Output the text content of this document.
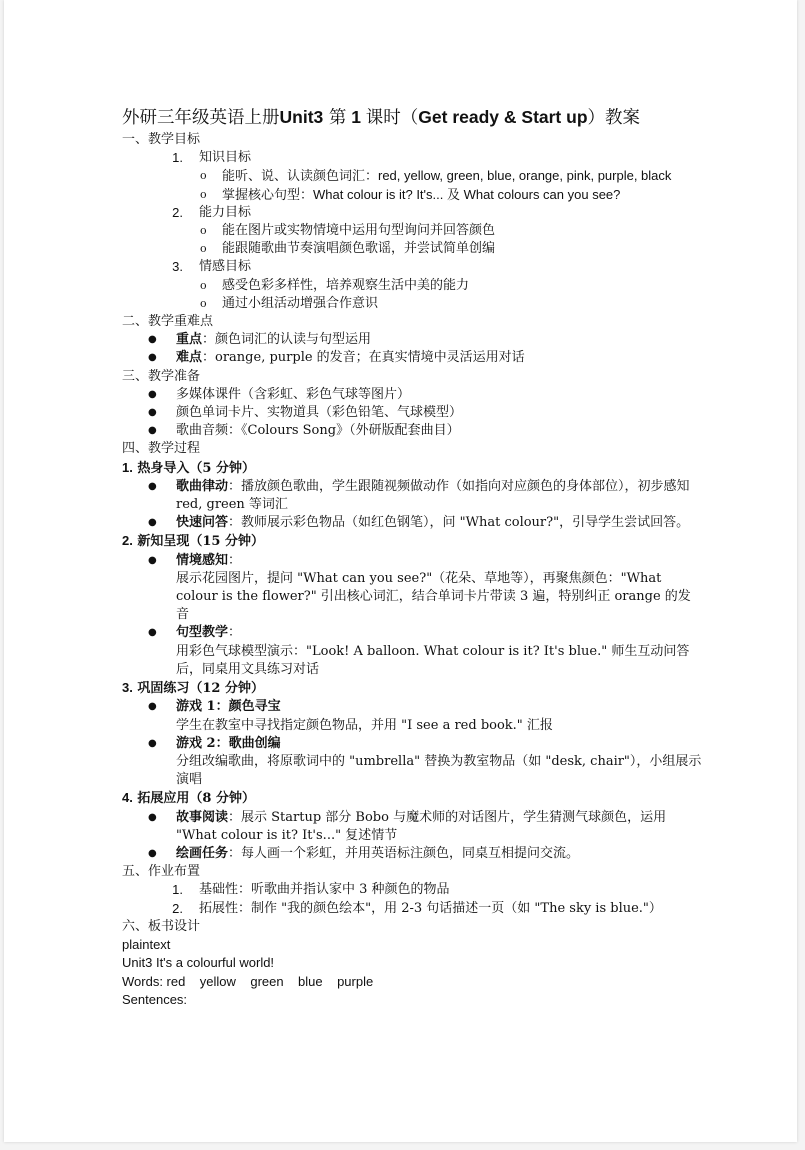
外研三年级英语上册Unit3 第 1 课时（Get ready & Start up）教案
一、教学目标
1.	知识目标
o	能听、说、认读颜色词汇：red, yellow, green, blue, orange, pink, purple, black
o	掌握核心句型：What colour is it? It's... 及 What colours can you see?
2.	能力目标
o	能在图片或实物情境中运用句型询问并回答颜色
o	能跟随歌曲节奏演唱颜色歌谣，并尝试简单创编
3.	情感目标
o	感受色彩多样性，培养观察生活中美的能力
o	通过小组活动增强合作意识
二、教学重难点
●	重点：颜色词汇的认读与句型运用
●	难点：orange, purple 的发音；在真实情境中灵活运用对话
三、教学准备
●	多媒体课件（含彩虹、彩色气球等图片）
●	颜色单词卡片、实物道具（彩色铅笔、气球模型）
●	歌曲音频：《Colours Song》（外研版配套曲目）
四、教学过程
1. 热身导入（5 分钟）
●	歌曲律动：播放颜色歌曲，学生跟随视频做动作（如指向对应颜色的身体部位），初步感知 red, green 等词汇
●	快速问答：教师展示彩色物品（如红色钢笔），问 "What colour?"，引导学生尝试回答。
2. 新知呈现（15 分钟）
●	情境感知：
展示花园图片，提问 "What can you see?"（花朵、草地等），再聚焦颜色："What colour is the flower?" 引出核心词汇，结合单词卡片带读 3 遍，特别纠正 orange 的发音
●	句型教学：
用彩色气球模型演示："Look! A balloon. What colour is it? It's blue." 师生互动问答后，同桌用文具练习对话
3. 巩固练习（12 分钟）
●	游戏 1：颜色寻宝
学生在教室中寻找指定颜色物品，并用 "I see a red book." 汇报
●	游戏 2：歌曲创编
分组改编歌曲，将原歌词中的 "umbrella" 替换为教室物品（如 "desk, chair"），小组展示演唱
4. 拓展应用（8 分钟）
●	故事阅读：展示 Startup 部分 Bobo 与魔术师的对话图片，学生猜测气球颜色，运用 "What colour is it? It's..." 复述情节
●	绘画任务：每人画一个彩虹，并用英语标注颜色，同桌互相提问交流。
五、作业布置
1.	基础性：听歌曲并指认家中 3 种颜色的物品
2.	拓展性：制作 "我的颜色绘本"，用 2-3 句话描述一页（如 "The sky is blue."）
六、板书设计
plaintext
Unit3 It's a colourful world!
Words: red    yellow    green    blue    purple
Sentences:
